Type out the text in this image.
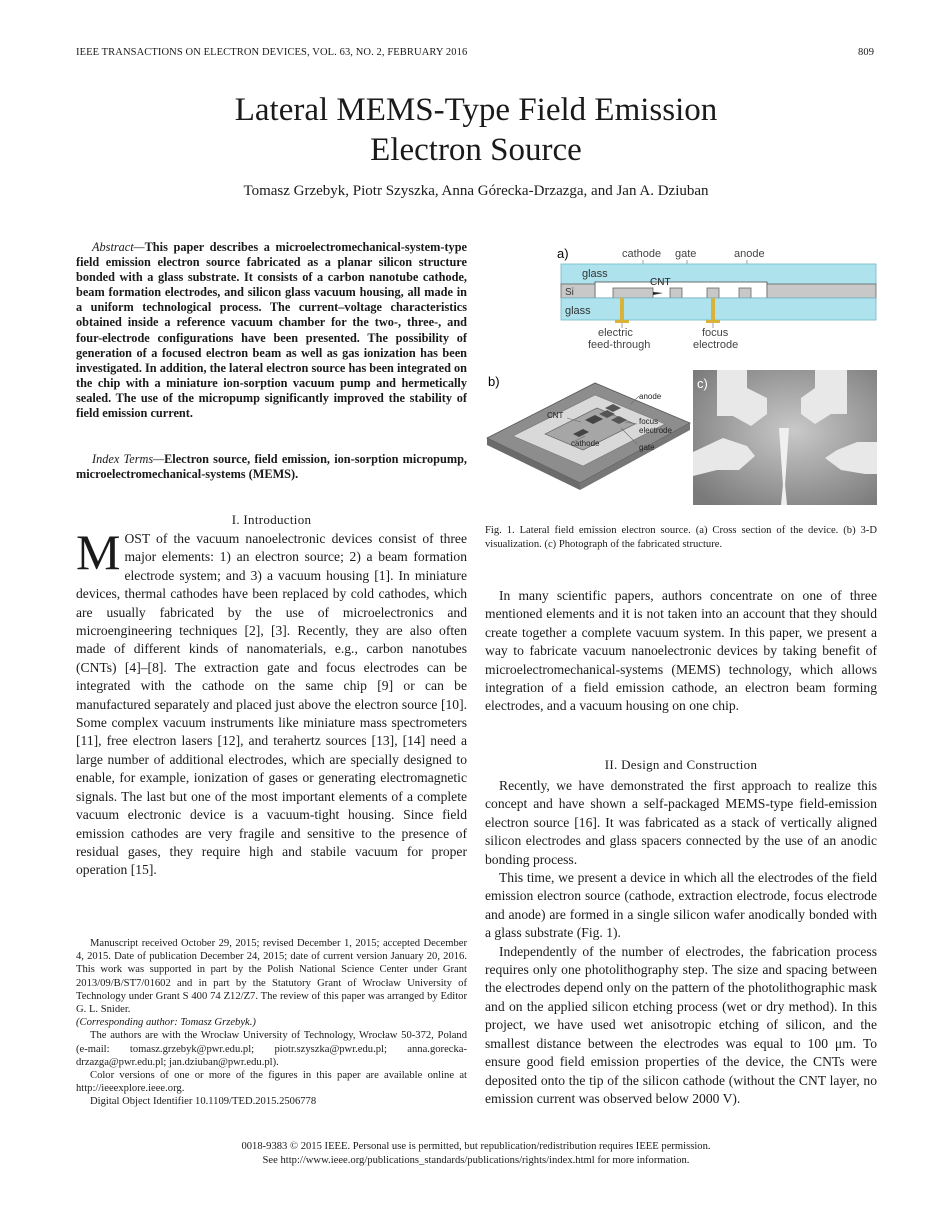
IEEE TRANSACTIONS ON ELECTRON DEVICES, VOL. 63, NO. 2, FEBRUARY 2016	809
Lateral MEMS-Type Field Emission
Electron Source
Tomasz Grzebyk, Piotr Szyszka, Anna Górecka-Drzazga, and Jan A. Dziuban
Abstract—This paper describes a microelectromechanical-system-type field emission electron source fabricated as a planar silicon structure bonded with a glass substrate. It consists of a carbon nanotube cathode, beam formation electrodes, and silicon glass vacuum housing, all made in a uniform technological process. The current–voltage characteristics obtained inside a reference vacuum chamber for the two-, three-, and four-electrode configurations have been presented. The possibility of generation of a focused electron beam as well as gas ionization has been investigated. In addition, the lateral electron source has been integrated on the chip with a miniature ion-sorption vacuum pump and hermetically sealed. The use of the micropump significantly improved the stability of field emission current.
Index Terms—Electron source, field emission, ion-sorption micropump, microelectromechanical-systems (MEMS).
I. Introduction
MOST of the vacuum nanoelectronic devices consist of three major elements: 1) an electron source; 2) a beam formation electrode system; and 3) a vacuum housing [1]. In miniature devices, thermal cathodes have been replaced by cold cathodes, which are usually fabricated by the use of microelectronics and microengineering techniques [2], [3]. Recently, they are also often made of different kinds of nanomaterials, e.g., carbon nanotubes (CNTs) [4]–[8]. The extraction gate and focus electrodes can be integrated with the cathode on the same chip [9] or can be manufactured separately and placed just above the electron source [10]. Some complex vacuum instruments like miniature mass spectrometers [11], free electron lasers [12], and terahertz sources [13], [14] need a large number of additional electrodes, which are specially designed to enable, for example, ionization of gases or generating electromagnetic signals. The last but one of the most important elements of a complete vacuum electronic device is a vacuum-tight housing. Since field emission cathodes are very fragile and sensitive to the presence of residual gases, they require high and stabile vacuum for proper operation [15].

Manuscript received October 29, 2015; revised December 1, 2015; accepted December 4, 2015. Date of publication December 24, 2015; date of current version January 20, 2016. This work was supported in part by the Polish National Science Center under Grant 2013/09/B/ST7/01602 and in part by the Statutory Grant of Wrocław University of Technology under Grant S 400 74 Z12/Z7. The review of this paper was arranged by Editor G. L. Snider.

(Corresponding author: Tomasz Grzebyk.)

The authors are with the Wrocław University of Technology, Wrocław 50-372, Poland (e-mail: tomasz.grzebyk@pwr.edu.pl; piotr.szyszka@pwr.edu.pl; anna.gorecka-drzazga@pwr.edu.pl; jan.dziuban@pwr.edu.pl).

Color versions of one or more of the figures in this paper are available online at http://ieeexplore.ieee.org.

Digital Object Identifier 10.1109/TED.2015.2506778

a)	cathode gate	anode
glass
Si
CNT
glass
electric
feed-through
focus
electrode
b)
anode
CNT
focus
electrode
cathode	gate
c)
Fig. 1. Lateral field emission electron source. (a) Cross section of the device. (b) 3-D visualization. (c) Photograph of the fabricated structure.

In many scientific papers, authors concentrate on one of three mentioned elements and it is not taken into an account that they should create together a complete vacuum system. In this paper, we present a way to fabricate vacuum nanoelectronic devices by taking benefit of microelectromechanical-systems (MEMS) technology, which allows integration of a field emission cathode, an electron beam forming electrodes, and a vacuum housing on one chip.

II. Design and Construction

Recently, we have demonstrated the first approach to realize this concept and have shown a self-packaged MEMS-type field-emission electron source [16]. It was fabricated as a stack of vertically aligned silicon electrodes and glass spacers connected by the use of an anodic bonding process.

This time, we present a device in which all the electrodes of the field emission electron source (cathode, extraction electrode, focus electrode and anode) are formed in a single silicon wafer anodically bonded with a glass substrate (Fig. 1).

Independently of the number of electrodes, the fabrication process requires only one photolithography step. The size and spacing between the electrodes depend only on the pattern of the photolithographic mask and on the applied silicon etching process (wet or dry method). In this project, we have used wet anisotropic etching of silicon, and the smallest distance between the electrodes was equal to 100 μm. To ensure good field emission properties of the device, the CNTs were deposited onto the tip of the silicon cathode (without the CNT layer, no emission current was observed below 2000 V).

0018-9383 © 2015 IEEE. Personal use is permitted, but republication/redistribution requires IEEE permission.
See http://www.ieee.org/publications_standards/publications/rights/index.html for more information.
